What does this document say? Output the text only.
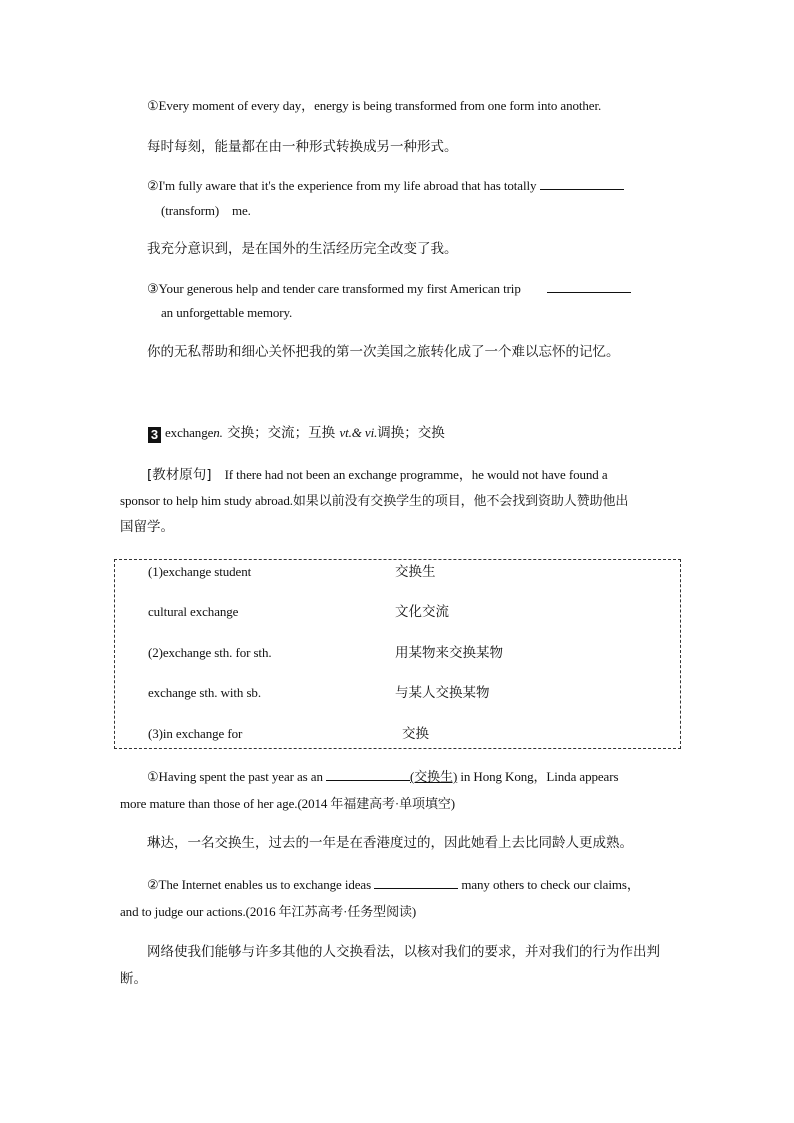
①Every moment of every day，energy is being transformed from one form into another.
每时每刻，能量都在由一种形式转换成另一种形式。
②I'm fully aware that it's the experience from my life abroad that has totally
(transform)　me.
我充分意识到，是在国外的生活经历完全改变了我。
③Your generous help and tender care transformed my first American trip　　
an unforgettable memory.
你的无私帮助和细心关怀把我的第一次美国之旅转化成了一个难以忘怀的记忆。
3 exchangen. 交换；交流；互换 vt.& vi.调换；交换
[教材原句]　 If there had not been an exchange programme，he would not have found a
sponsor to help him study abroad.如果以前没有交换学生的项目，他不会找到资助人赞助他出
国留学。
(1)exchange student	交换生
cultural exchange	文化交流
(2)exchange sth. for sth.	用某物来交换某物
exchange sth. with sb.	与某人交换某物
(3)in exchange for	交换
①Having spent the past year as an	(交换生) in Hong Kong，Linda appears
more mature than those of her age.(2014 年福建高考·单项填空)
琳达，一名交换生，过去的一年是在香港度过的，因此她看上去比同龄人更成熟。
②The Internet enables us to exchange ideas	many others to check our claims，
and to judge our actions.(2016 年江苏高考·任务型阅读)
网络使我们能够与许多其他的人交换看法，以核对我们的要求，并对我们的行为作出判
断。
